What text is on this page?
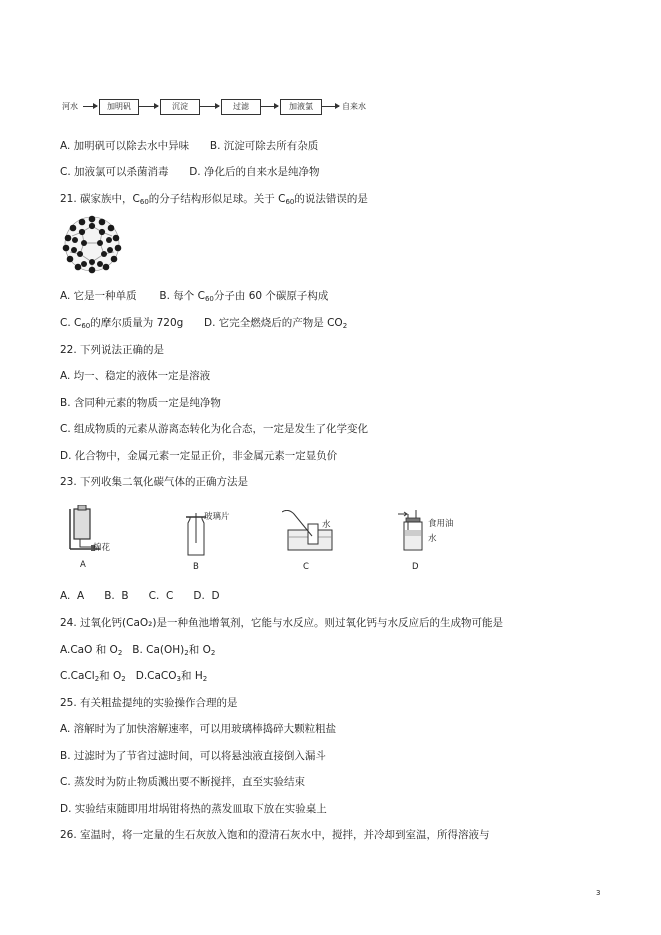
河水	加明矾	沉淀	过滤	加液氯	自来水
A. 加明矾可以除去水中异味 B. 沉淀可除去所有杂质
C. 加液氯可以杀菌消毒 D. 净化后的自来水是纯净物
21. 碳家族中，$C_{60}$的分子结构形似足球。关于 $C_{60}$的说法错误的是
A. 它是一种单质 B. 每个 $C_{60}$分子由 60 个碳原子构成
C. $C_{60}$的摩尔质量为 720g D. 它完全燃烧后的产物是 $CO_2$
22. 下列说法正确的是
A. 均一、稳定的液体一定是溶液
B. 含同种元素的物质一定是纯净物
C. 组成物质的元素从游离态转化为化合态，一定是发生了化学变化
D. 化合物中，金属元素一定显正价，非金属元素一定显负价
23. 下列收集二氧化碳气体的正确方法是
棉花
A
玻璃片
B
水
C
食用油
水
D
A.  A      B.  B      C.  C      D.  D
24. 过氧化钙(CaO₂)是一种鱼池增氧剂，它能与水反应。则过氧化钙与水反应后的生成物可能是
A.CaO 和 $O_2$ B. $Ca(OH)_2$和 $O_2$
C.CaCl$_2$和 $O_2$ D.CaCO$_3$和 $H_2$
25. 有关粗盐提纯的实验操作合理的是
A. 溶解时为了加快溶解速率，可以用玻璃棒捣碎大颗粒粗盐
B. 过滤时为了节省过滤时间，可以将悬浊液直接倒入漏斗
C. 蒸发时为防止物质溅出要不断搅拌，直至实验结束
D. 实验结束随即用坩埚钳将热的蒸发皿取下放在实验桌上
26. 室温时，将一定量的生石灰放入饱和的澄清石灰水中，搅拌，并冷却到室温，所得溶液与
3
